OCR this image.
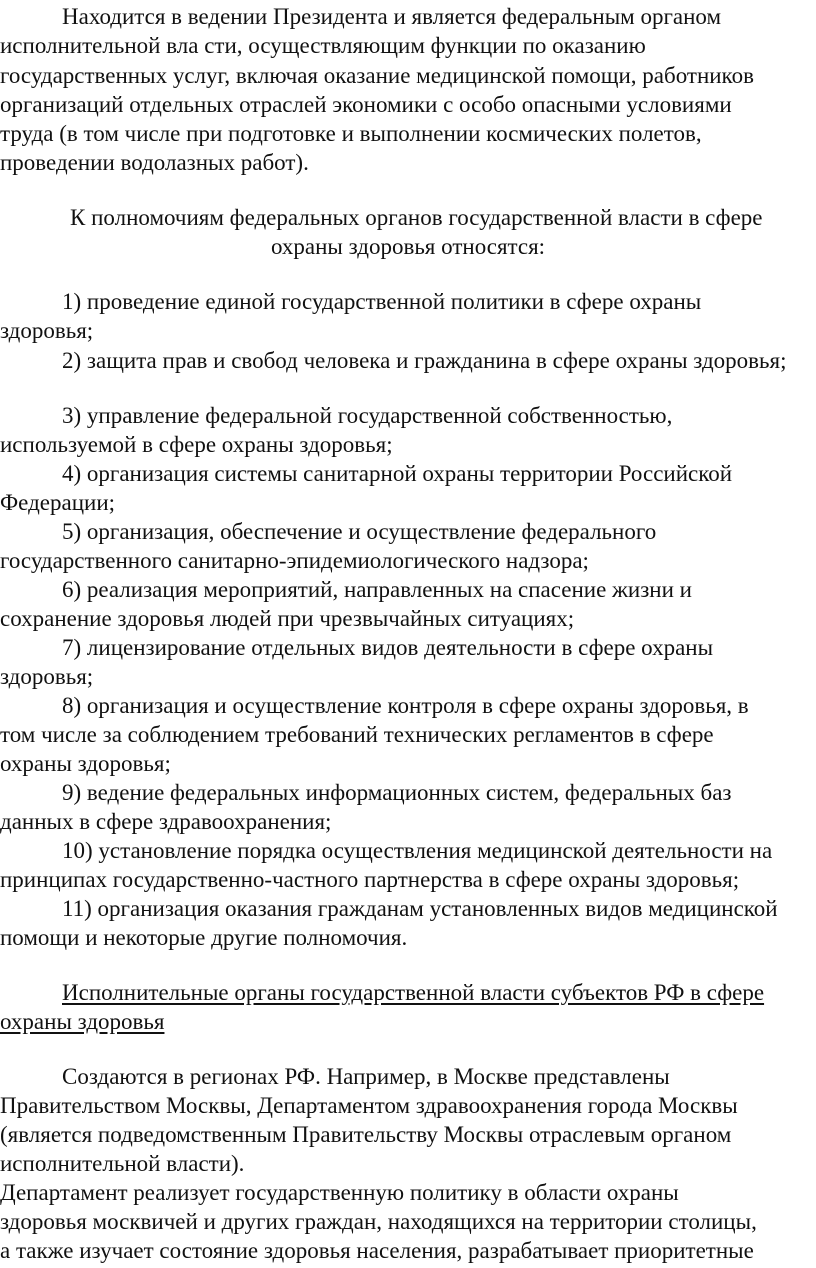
Находится в ведении Президента и является федеральным органом
исполнительной вла сти, осуществляющим функции по оказанию
государственных услуг, включая оказание медицинской помощи, работников
организаций отдельных отраслей экономики с особо опасными условиями
труда (в том числе при подготовке и выполнении космических полетов,
проведении водолазных работ).
К полномочиям федеральных органов государственной власти в сфере
охраны здоровья относятся:
1) проведение единой государственной политики в сфере охраны
здоровья;
2) защита прав и свобод человека и гражданина в сфере охраны здоровья;
3) управление федеральной государственной собственностью,
используемой в сфере охраны здоровья;
4) организация системы санитарной охраны территории Российской
Федерации;
5) организация, обеспечение и осуществление федерального
государственного санитарно-эпидемиологического надзора;
6) реализация мероприятий, направленных на спасение жизни и
сохранение здоровья людей при чрезвычайных ситуациях;
7) лицензирование отдельных видов деятельности в сфере охраны
здоровья;
8) организация и осуществление контроля в сфере охраны здоровья, в
том числе за соблюдением требований технических регламентов в сфере
охраны здоровья;
9) ведение федеральных информационных систем, федеральных баз
данных в сфере здравоохранения;
10) установление порядка осуществления медицинской деятельности на
принципах государственно-частного партнерства в сфере охраны здоровья;
11) организация оказания гражданам установленных видов медицинской
помощи и некоторые другие полномочия.
Исполнительные органы государственной власти субъектов РФ в сфере
охраны здоровья
Создаются в регионах РФ. Например, в Москве представлены
Правительством Москвы, Департаментом здравоохранения города Москвы
(является подведомственным Правительству Москвы отраслевым органом
исполнительной власти).
Департамент реализует государственную политику в области охраны
здоровья москвичей и других граждан, находящихся на территории столицы,
а также изучает состояние здоровья населения, разрабатывает приоритетные
